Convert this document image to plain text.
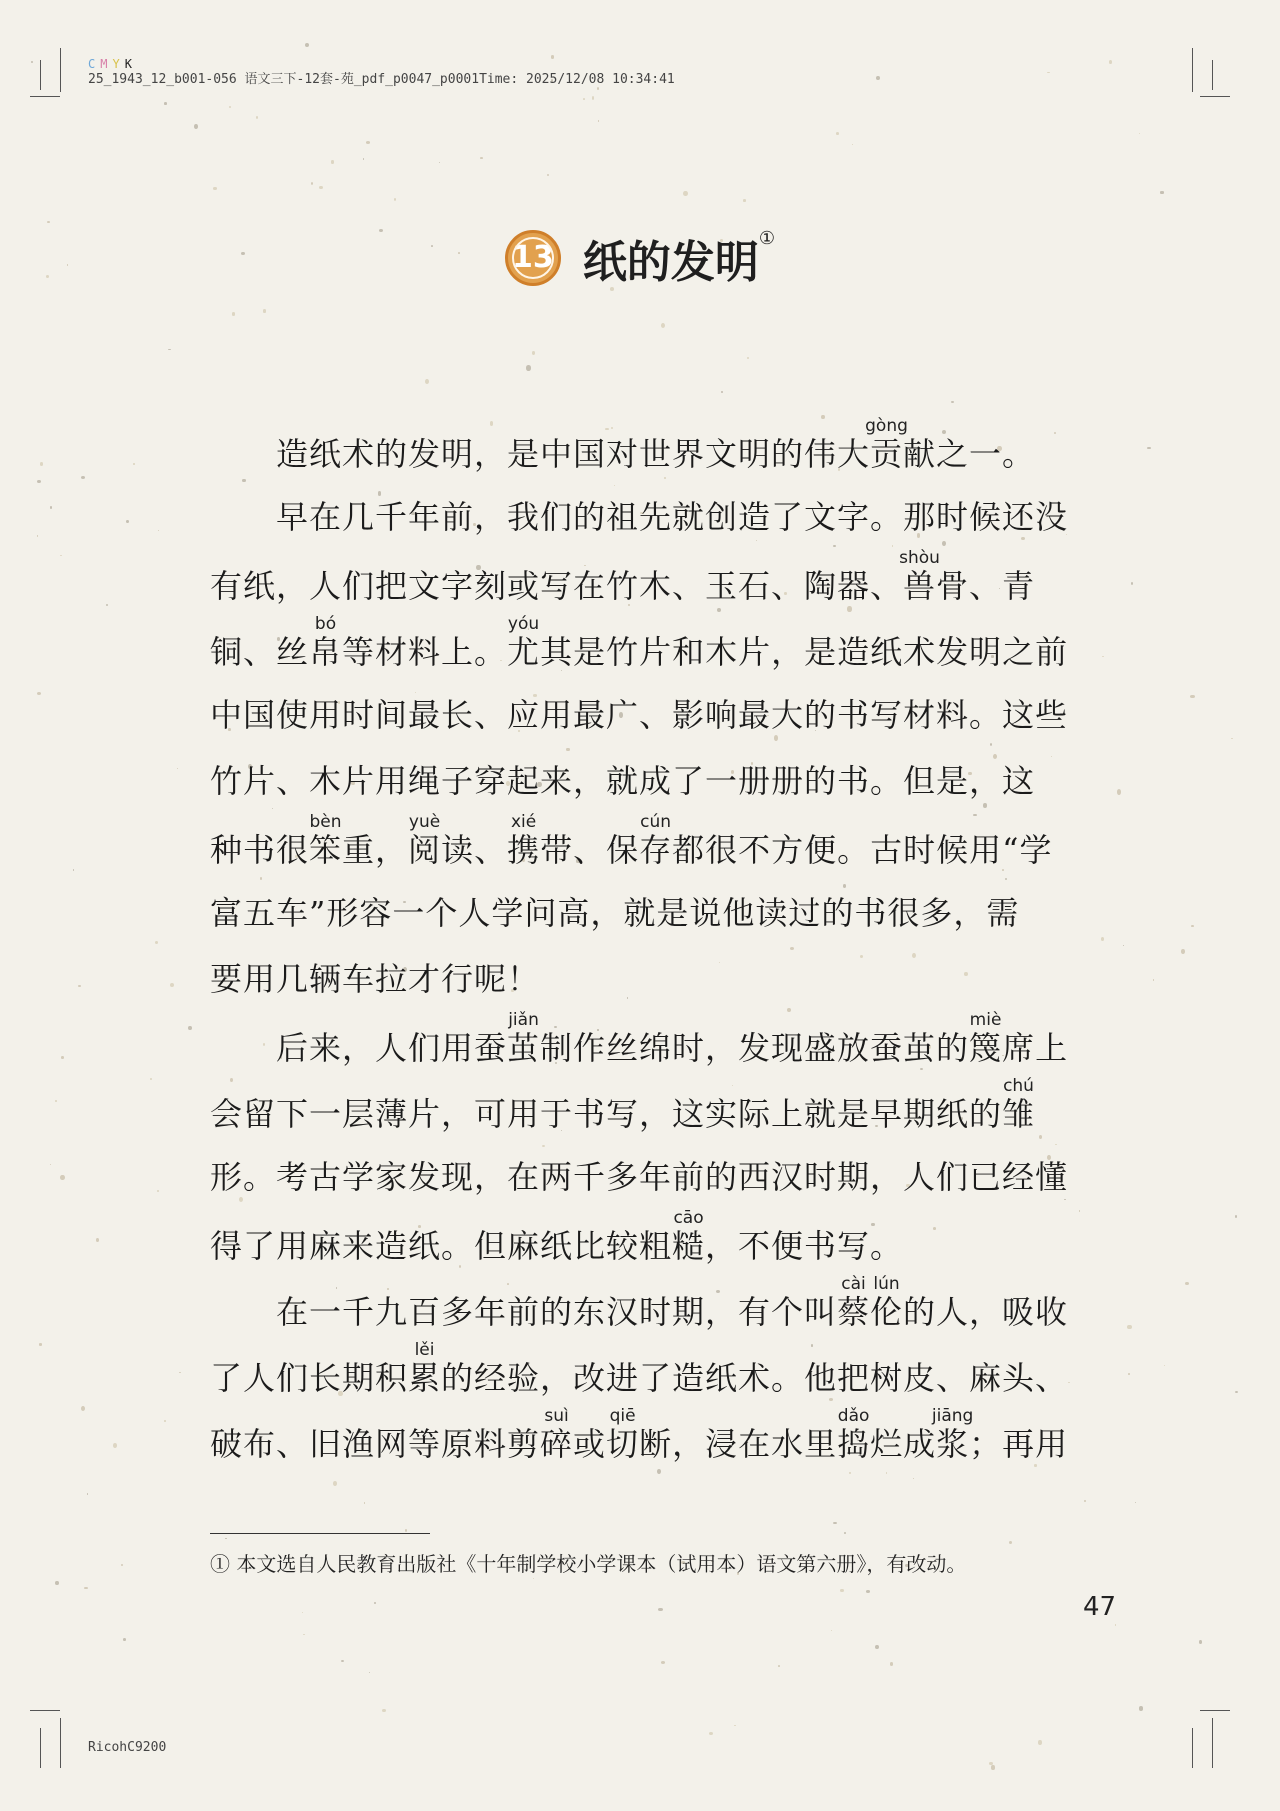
CMYK
25_1943_12_b001-056 语文三下-12套-苑_pdf_p0047_p0001Time: 2025/12/08 10:34:41
13 纸的发明①
造纸术的发明，是中国对世界文明的伟大贡gòng献之一。
早在几千年前，我们的祖先就创造了文字。那时候还没
有纸，人们把文字刻或写在竹木、玉石、陶器、兽shòu骨、青
铜、丝帛bó等材料上。尤yóu其是竹片和木片，是造纸术发明之前
中国使用时间最长、应用最广、影响最大的书写材料。这些
竹片、木片用绳子穿起来，就成了一册册的书。但是，这
种书很笨bèn重，阅yuè读、携xié带、保存cún都很不方便。古时候用“学
富五车”形容一个人学问高，就是说他读过的书很多，需
要用几辆车拉才行呢！
后来，人们用蚕茧jiǎn制作丝绵时，发现盛放蚕茧的篾miè席上
会留下一层薄片，可用于书写，这实际上就是早期纸的雏chú
形。考古学家发现，在两千多年前的西汉时期，人们已经懂
得了用麻来造纸。但麻纸比较粗糙cāo，不便书写。
在一千九百多年前的东汉时期，有个叫蔡cài伦lún的人，吸收
了人们长期积累lěi的经验，改进了造纸术。他把树皮、麻头、
破布、旧渔网等原料剪碎suì或切qiē断，浸在水里捣dǎo烂成浆jiāng；再用
① 本文选自人民教育出版社《十年制学校小学课本（试用本）语文第六册》，有改动。
47
RicohC9200
